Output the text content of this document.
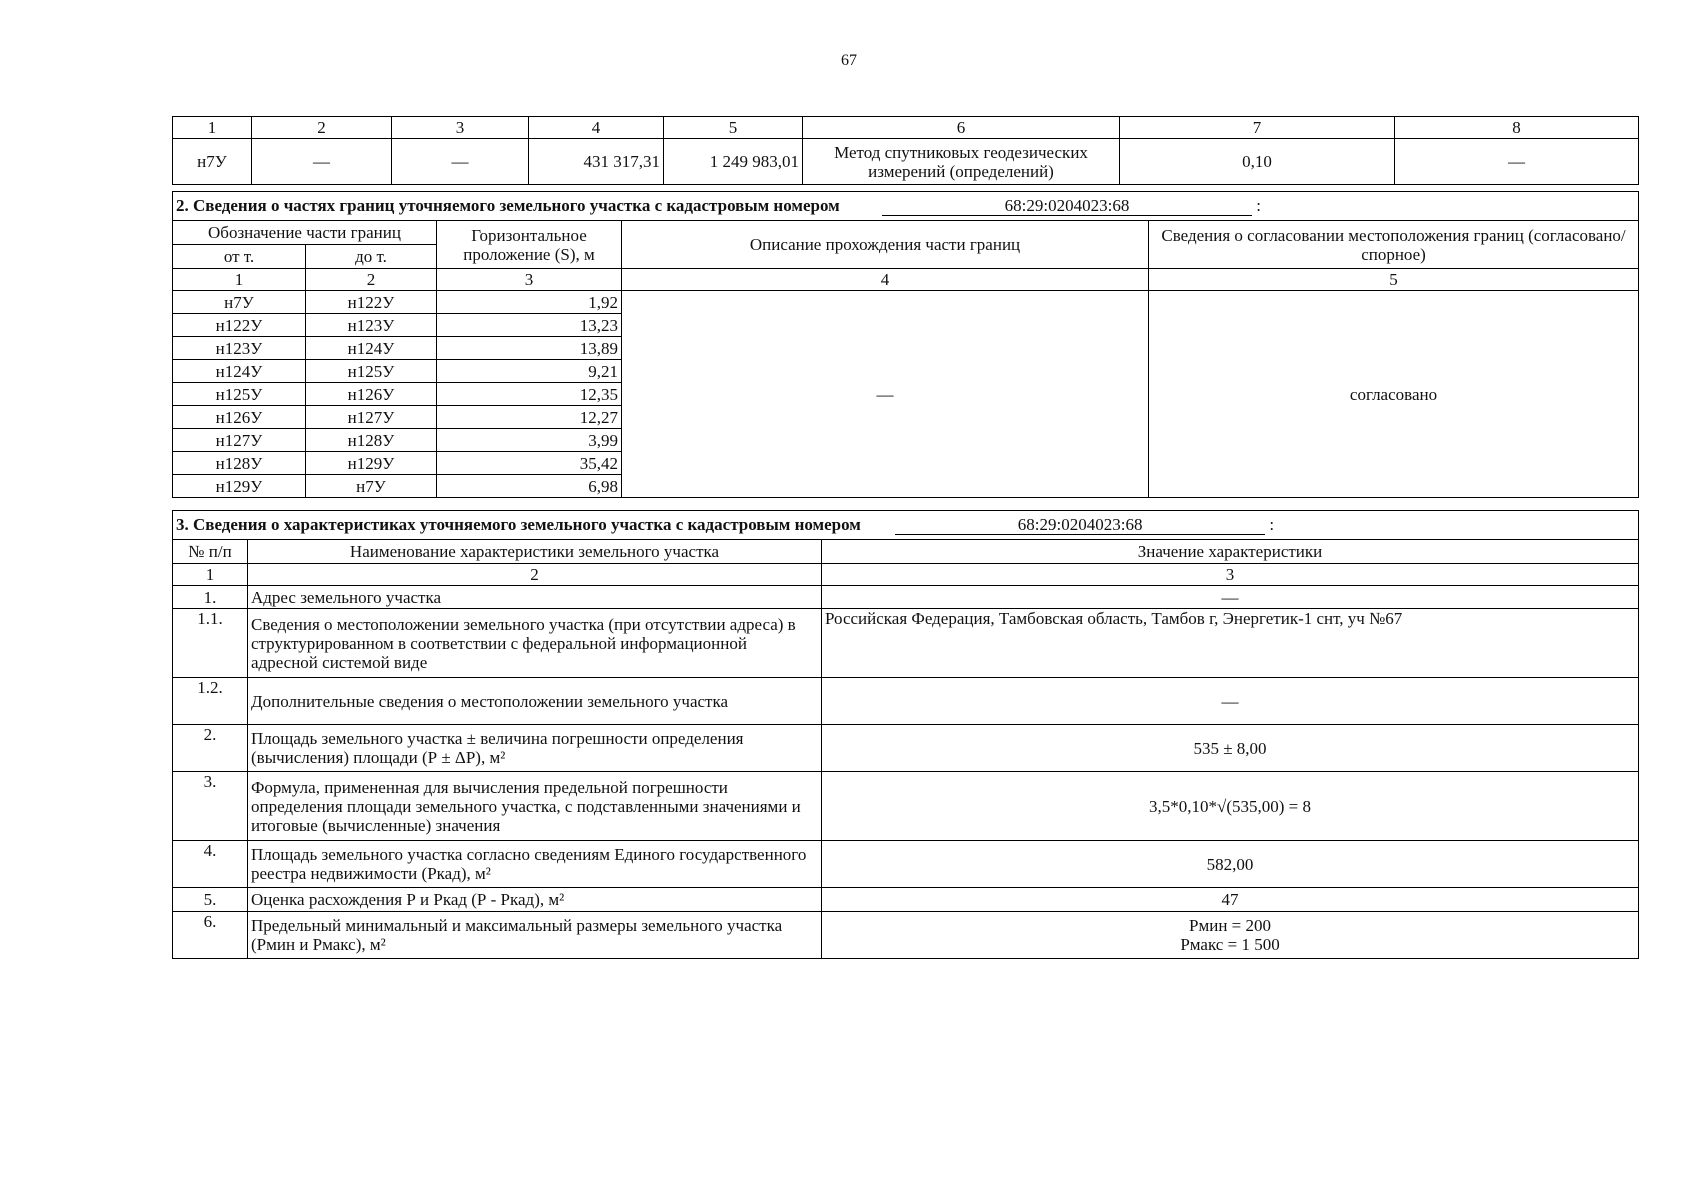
67
1	2	3	4	5	6	7	8
н7У	—	—	431 317,31	1 249 983,01	Метод спутниковых геодезических измерений (определений)	0,10	—
2. Сведения о частях границ уточняемого земельного участка с кадастровым номером 68:29:0204023:68 :				
Обозначение части границ		Горизонтальное проложение (S), м	Описание прохождения части границ	Сведения о согласовании местоположения границ (согласовано/спорное)
от т.	до т.			
1	2	3	4	5
н7У	н122У	1,92	—	согласовано
н122У	н123У	13,23		
н123У	н124У	13,89		
н124У	н125У	9,21		
н125У	н126У	12,35		
н126У	н127У	12,27		
н127У	н128У	3,99		
н128У	н129У	35,42		
н129У	н7У	6,98		
3. Сведения о характеристиках уточняемого земельного участка с кадастровым номером 68:29:0204023:68 :		
№ п/п	Наименование характеристики земельного участка	Значение характеристики
1	2	3
1.	Адрес земельного участка	—
1.1.	Сведения о местоположении земельного участка (при отсутствии адреса) в структурированном в соответствии с федеральной информационной адресной системой виде	Российская Федерация, Тамбовская область, Тамбов г, Энергетик-1 снт, уч №67
1.2.	Дополнительные сведения о местоположении земельного участка	—
2.	Площадь земельного участка ± величина погрешности определения (вычисления) площади (Р ± ΔР), м²	535 ± 8,00
3.	Формула, примененная для вычисления предельной погрешности определения площади земельного участка, с подставленными значениями и итоговые (вычисленные) значения	3,5*0,10*√(535,00) = 8
4.	Площадь земельного участка согласно сведениям Единого государственного реестра недвижимости (Ркад), м²	582,00
5.	Оценка расхождения Р и Ркад (Р - Ркад), м²	47
6.	Предельный минимальный и максимальный размеры земельного участка (Рмин и Рмакс), м²	Рмин = 200
Рмакс = 1 500
